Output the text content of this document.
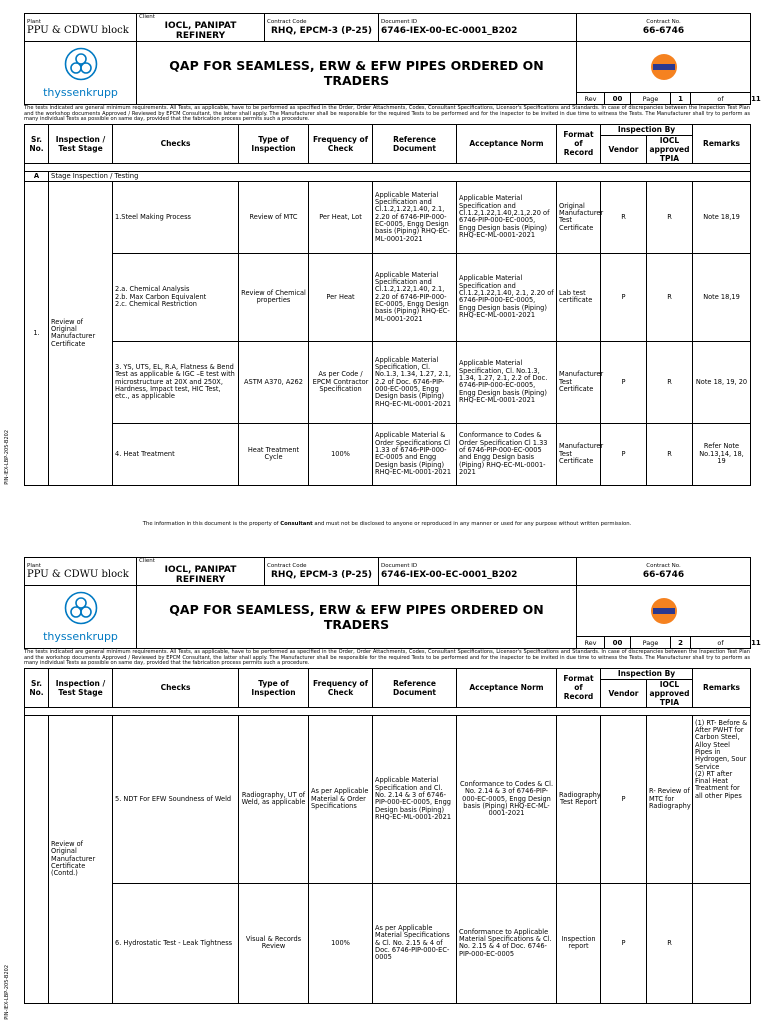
Plant
PPU & CDWU block	Client
IOCL, PANIPAT REFINERY	Contract Code
RHQ, EPCM-3 (P-25)	Document ID
6746-IEX-00-EC-0001_B202	Contract No.
66-6746					

thyssenkrupp	QAP FOR SEAMLESS, ERW & EFW PIPES ORDERED ON TRADERS								
				Rev	00	Page	1	of	11
The tests indicated are general minimum requirements. All Tests, as applicable, have to be performed as specified in the Order, Order Attachments, Codes, Consultant Specifications, Licensor's Specifications and Standards. In case of discrepancies between the Inspection Test Plan and the workshop documents Approved / Reviewed by EPCM Consultant, the latter shall apply. The Manufacturer shall be responsible for the required Tests to be performed and for the inspector to be invited in due time to witness the Tests. The Manufacturer shall try to perform as many individual Tests as possible on same day, provided that the fabrication process permits such a procedure.
Sr. No.	Inspection / Test Stage	Checks	Type of Inspection	Frequency of Check	Reference Document	Acceptance Norm	Format of Record	Inspection By		Remarks
								Vendor	IOCL approved TPIA	

A	Stage Inspection / Testing									
1.	Review of Original Manufacturer Certificate	1.Steel Making Process	Review of MTC	Per Heat, Lot	Applicable Material Specification and Cl.1.2,1.22,1.40, 2.1, 2.20 of 6746-PIP-000-EC-0005, Engg Design basis (Piping) RHQ-EC-ML-0001-2021	Applicable Material Specification and Cl.1.2,1.22,1.40,2.1,2.20 of 6746-PIP-000-EC-0005, Engg Design basis (Piping) RHQ-EC-ML-0001-2021	Original Manufacturer Test Certificate	R	R	Note 18,19
		2.a. Chemical Analysis
2.b. Max Carbon Equivalent
2.c. Chemical Restriction	Review of Chemical properties	Per Heat	Applicable Material Specification and Cl.1.2,1.22,1.40, 2.1, 2.20 of 6746-PIP-000-EC-0005, Engg Design basis (Piping) RHQ-EC-ML-0001-2021	Applicable Material Specification and Cl.1.2,1.22,1.40, 2.1, 2.20 of 6746-PIP-000-EC-0005, Engg Design basis (Piping) RHQ-EC-ML-0001-2021	Lab test certificate	P	R	Note 18,19
		3. YS, UTS, EL, R.A, Flatness & Bend Test as applicable & IGC –E test with microstructure at 20X and 250X, Hardness, Impact test, HIC Test, etc., as applicable	ASTM A370, A262	As per Code / EPCM Contractor Specification	Applicable Material Specification, Cl. No.1.3, 1.34, 1.27, 2.1, 2.2 of Doc. 6746-PIP-000-EC-0005, Engg Design basis (Piping) RHQ-EC-ML-0001-2021	Applicable Material Specification, Cl. No.1.3, 1.34, 1.27, 2.1, 2.2 of Doc. 6746-PIP-000-EC-0005, Engg Design basis (Piping) RHQ-EC-ML-0001-2021	Manufacturer Test Certificate	P	R	Note 18, 19, 20
		4. Heat Treatment	Heat Treatment Cycle	100%	Applicable Material & Order Specifications Cl 1.33 of 6746-PIP-000-EC-0005 and Engg Design basis (Piping) RHQ-EC-ML-0001-2021	Conformance to Codes & Order Specification Cl 1.33 of 6746-PIP-000-EC-0005 and Engg Design basis (Piping) RHQ-EC-ML-0001-2021	Manufacturer Test Certificate	P	R	Refer Note No.13,14, 18, 19
The information in this document is the property of Consultant and must not be disclosed to anyone or reproduced in any manner or used for any purpose without written permission.
PIN-IEX-LBP-205-B202
Plant
PPU & CDWU block	Client
IOCL, PANIPAT REFINERY	Contract Code
RHQ, EPCM-3 (P-25)	Document ID
6746-IEX-00-EC-0001_B202	Contract No.
66-6746					

thyssenkrupp	QAP FOR SEAMLESS, ERW & EFW PIPES ORDERED ON TRADERS								
				Rev	00	Page	2	of	11
The tests indicated are general minimum requirements. All Tests, as applicable, have to be performed as specified in the Order, Order Attachments, Codes, Consultant Specifications, Licensor's Specifications and Standards. In case of discrepancies between the Inspection Test Plan and the workshop documents Approved / Reviewed by EPCM Consultant, the latter shall apply. The Manufacturer shall be responsible for the required Tests to be performed and for the inspector to be invited in due time to witness the Tests. The Manufacturer shall try to perform as many individual Tests as possible on same day, provided that the fabrication process permits such a procedure.
Sr. No.	Inspection / Test Stage	Checks	Type of Inspection	Frequency of Check	Reference Document	Acceptance Norm	Format of Record	Inspection By		Remarks
								Vendor	IOCL approved TPIA	

	Review of Original Manufacturer Certificate (Contd.)	5. NDT For EFW Soundness of Weld	Radiography, UT of Weld, as applicable	As per Applicable Material & Order Specifications	Applicable Material Specification and Cl. No. 2.14 & 3 of 6746-PIP-000-EC-0005, Engg Design basis (Piping) RHQ-EC-ML-0001-2021	Conformance to Codes & Cl. No. 2.14 & 3 of 6746-PIP-000-EC-0005, Engg Design basis (Piping) RHQ-EC-ML-0001-2021	Radiography Test Report	P	R- Review of MTC for Radiography	(1) RT- Before & After PWHT for Carbon Steel, Alloy Steel Pipes in Hydrogen, Sour Service
(2) RT after Final Heat Treatment for all other Pipes
		6. Hydrostatic Test - Leak Tightness	Visual & Records Review	100%	As per Applicable Material Specifications & Cl. No. 2.15 & 4 of Doc. 6746-PIP-000-EC-0005	Conformance to Applicable Material Specifications & Cl. No. 2.15 & 4 of Doc. 6746-PIP-000-EC-0005	Inspection report	P	R	
PIN-IEX-LBP-205-B202
